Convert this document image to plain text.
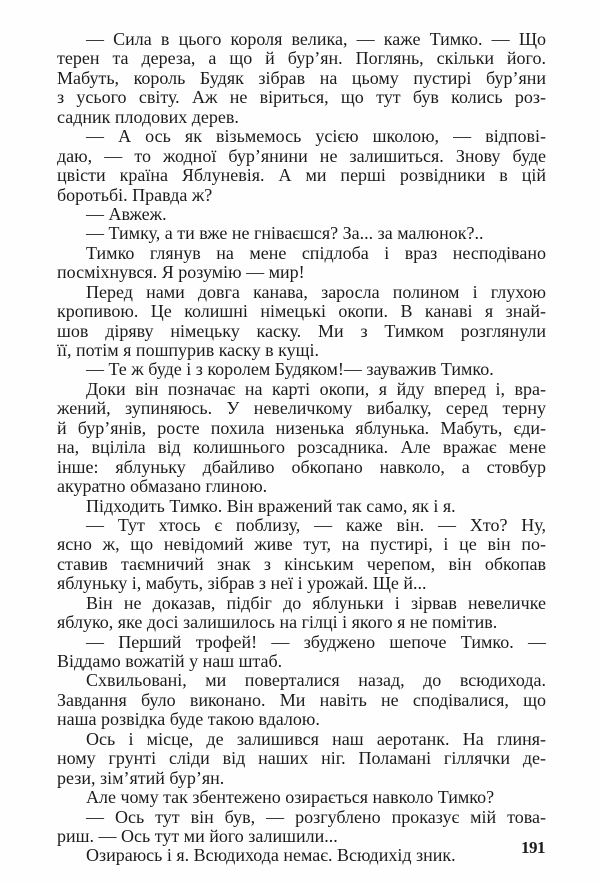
— Сила в цього короля велика, — каже Тимко. — Що
терен та дереза, а що й бур’ян. Поглянь, скільки його.
Мабуть, король Будяк зібрав на цьому пустирі бур’яни
з усього світу. Аж не віриться, що тут був колись роз-
садник плодових дерев.
— А ось як візьмемось усією школою, — відпові-
даю, — то жодної бур’янини не залишиться. Знову буде
цвісти країна Яблуневія. А ми перші розвідники в цій
боротьбі. Правда ж?
— Авжеж.
— Тимку, а ти вже не гніваєшся? За... за малюнок?..
Тимко глянув на мене спідлоба і враз несподівано
посміхнувся. Я розумію — мир!
Перед нами довга канава, заросла полином і глухою
кропивою. Це колишні німецькі окопи. В канаві я знай-
шов діряву німецьку каску. Ми з Тимком розглянули
її, потім я пошпурив каску в кущі.
— Те ж буде і з королем Будяком!— зауважив Тимко.
Доки він позначає на карті окопи, я йду вперед і, вра-
жений, зупиняюсь. У невеличкому вибалку, серед терну
й бур’янів, росте похила низенька яблунька. Мабуть, єди-
на, вціліла від колишнього розсадника. Але вражає мене
інше: яблуньку дбайливо обкопано навколо, а стовбур
акуратно обмазано глиною.
Підходить Тимко. Він вражений так само, як і я.
— Тут хтось є поблизу, — каже він. — Хто? Ну,
ясно ж, що невідомий живе тут, на пустирі, і це він по-
ставив таємничий знак з кінським черепом, він обкопав
яблуньку і, мабуть, зібрав з неї і урожай. Ще й...
Він не доказав, підбіг до яблуньки і зірвав невеличке
яблуко, яке досі залишилось на гілці і якого я не помітив.
— Перший трофей! — збуджено шепоче Тимко. —
Віддамо вожатій у наш штаб.
Схвильовані, ми поверталися назад, до всюдихода.
Завдання було виконано. Ми навіть не сподівалися, що
наша розвідка буде такою вдалою.
Ось і місце, де залишився наш аеротанк. На глиня-
ному грунті сліди від наших ніг. Поламані гіллячки де-
рези, зім’ятий бур’ян.
Але чому так збентежено озирається навколо Тимко?
— Ось тут він був, — розгублено проказує мій това-
риш. — Ось тут ми його залишили...
Озираюсь і я. Всюдихода немає. Всюдихід зник.	191
